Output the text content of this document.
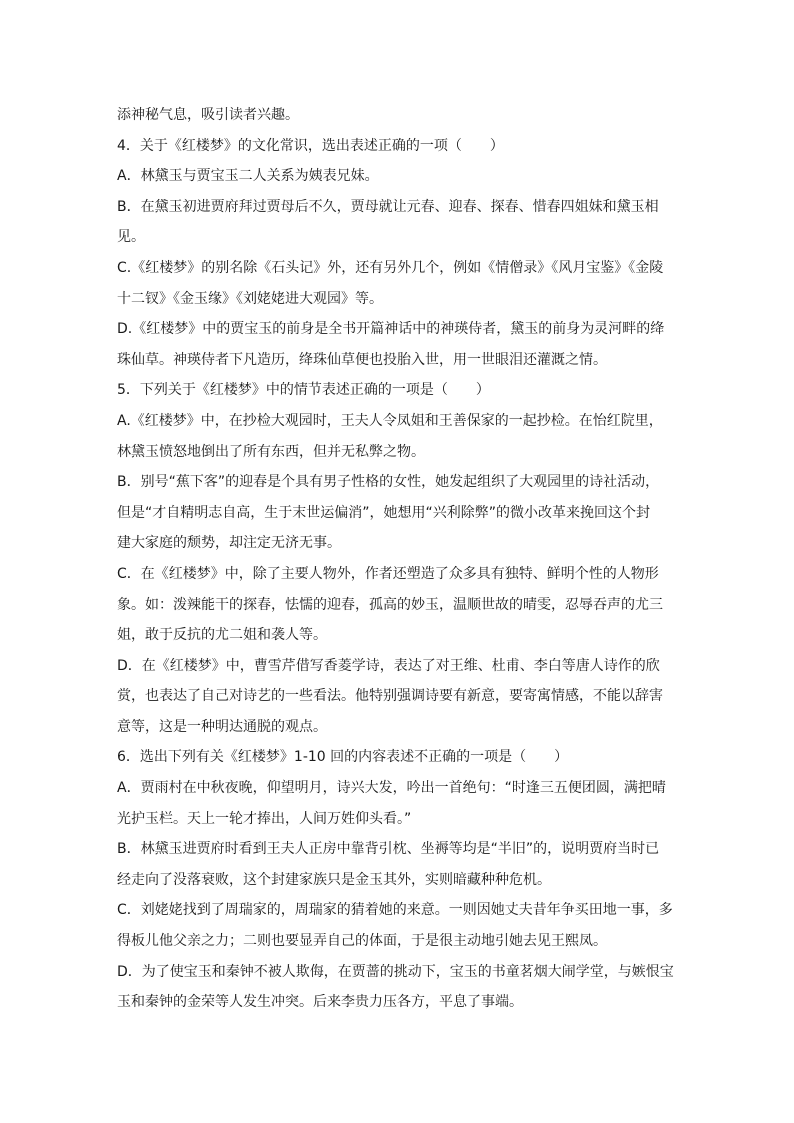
添神秘气息，吸引读者兴趣。
4．关于《红楼梦》的文化常识，选出表述正确的一项（　　）
A．林黛玉与贾宝玉二人关系为姨表兄妹。
B．在黛玉初进贾府拜过贾母后不久，贾母就让元春、迎春、探春、惜春四姐妹和黛玉相
见。
C.《红楼梦》的别名除《石头记》外，还有另外几个，例如《情僧录》《风月宝鉴》《金陵
十二钗》《金玉缘》《刘姥姥进大观园》等。
D.《红楼梦》中的贾宝玉的前身是全书开篇神话中的神瑛侍者，黛玉的前身为灵河畔的绛
珠仙草。神瑛侍者下凡造历，绛珠仙草便也投胎入世，用一世眼泪还灌溉之情。
5．下列关于《红楼梦》中的情节表述正确的一项是（　　）
A.《红楼梦》中，在抄检大观园时，王夫人令凤姐和王善保家的一起抄检。在怡红院里，
林黛玉愤怒地倒出了所有东西，但并无私弊之物。
B．别号“蕉下客”的迎春是个具有男子性格的女性，她发起组织了大观园里的诗社活动，
但是“才自精明志自高，生于末世运偏消”，她想用“兴利除弊”的微小改革来挽回这个封
建大家庭的颓势，却注定无济无事。
C．在《红楼梦》中，除了主要人物外，作者还塑造了众多具有独特、鲜明个性的人物形
象。如：泼辣能干的探春，怯懦的迎春，孤高的妙玉，温顺世故的晴雯，忍辱吞声的尤三
姐，敢于反抗的尤二姐和袭人等。
D．在《红楼梦》中，曹雪芹借写香菱学诗，表达了对王维、杜甫、李白等唐人诗作的欣
赏，也表达了自己对诗艺的一些看法。他特别强调诗要有新意，要寄寓情感，不能以辞害
意等，这是一种明达通脱的观点。
6．选出下列有关《红楼梦》1-10 回的内容表述不正确的一项是（　　）
A．贾雨村在中秋夜晚，仰望明月，诗兴大发，吟出一首绝句：“时逢三五便团圆，满把晴
光护玉栏。天上一轮才捧出，人间万姓仰头看。”
B．林黛玉进贾府时看到王夫人正房中靠背引枕、坐褥等均是“半旧”的，说明贾府当时已
经走向了没落衰败，这个封建家族只是金玉其外，实则暗藏种种危机。
C．刘姥姥找到了周瑞家的，周瑞家的猜着她的来意。一则因她丈夫昔年争买田地一事，多
得板儿他父亲之力；二则也要显弄自己的体面，于是很主动地引她去见王熙凤。
D．为了使宝玉和秦钟不被人欺侮，在贾蔷的挑动下，宝玉的书童茗烟大闹学堂，与嫉恨宝
玉和秦钟的金荣等人发生冲突。后来李贵力压各方，平息了事端。
